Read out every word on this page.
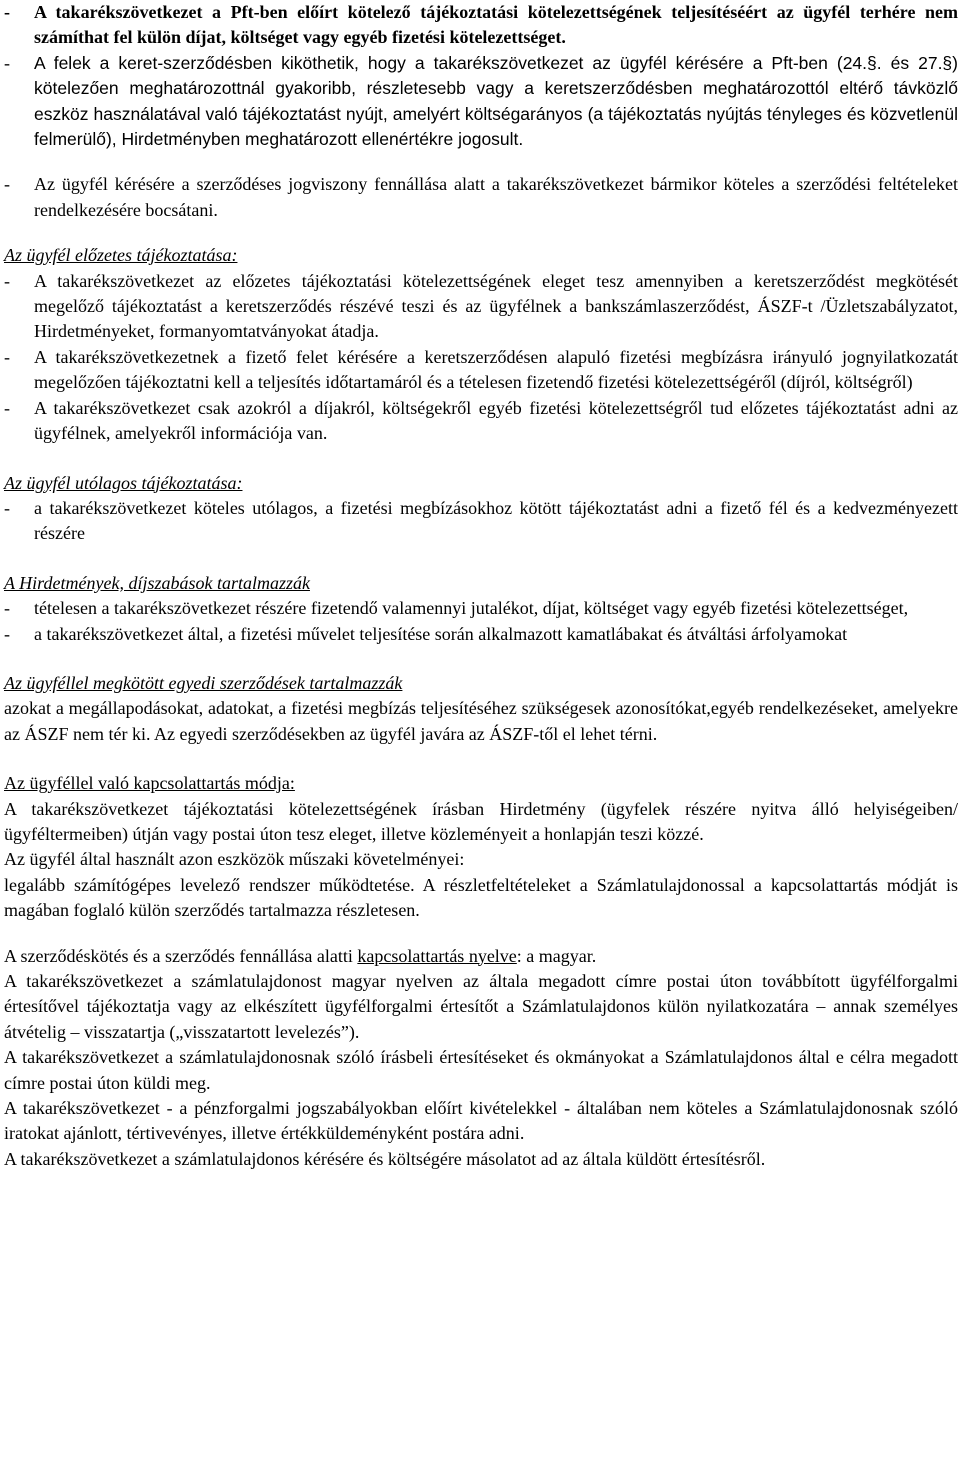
-	A takarékszövetkezet a Pft-ben előírt kötelező tájékoztatási kötelezettségének teljesítéséért az ügyfél terhére nem számíthat fel külön díjat, költséget vagy egyéb fizetési kötelezettséget.
-	A felek a keret-szerződésben kiköthetik, hogy a takarékszövetkezet az ügyfél kérésére a Pft-ben (24.§. és 27.§) kötelezően meghatározottnál gyakoribb, részletesebb vagy a keretszerződésben meghatározottól eltérő távközlő eszköz használatával való tájékoztatást nyújt, amelyért költségarányos (a tájékoztatás nyújtás tényleges és közvetlenül felmerülő), Hirdetményben meghatározott ellenértékre jogosult.
-	Az ügyfél kérésére a szerződéses jogviszony fennállása alatt a takarékszövetkezet bármikor köteles a szerződési feltételeket rendelkezésére bocsátani.
Az ügyfél előzetes tájékoztatása:
-	A takarékszövetkezet az előzetes tájékoztatási kötelezettségének eleget tesz amennyiben a keretszerződést megkötését megelőző tájékoztatást a keretszerződés részévé teszi és az ügyfélnek a bankszámlaszerződést, ÁSZF-t /Üzletszabályzatot, Hirdetményeket, formanyomtatványokat átadja.
-	A takarékszövetkezetnek a fizető felet kérésére a keretszerződésen alapuló fizetési megbízásra irányuló jognyilatkozatát megelőzően tájékoztatni kell a teljesítés időtartamáról és a tételesen fizetendő fizetési kötelezettségéről (díjról, költségről)
-	A takarékszövetkezet csak azokról a díjakról, költségekről egyéb fizetési kötelezettségről tud előzetes tájékoztatást adni az ügyfélnek, amelyekről információja van.
Az ügyfél utólagos tájékoztatása:
-	a takarékszövetkezet köteles utólagos, a fizetési megbízásokhoz kötött tájékoztatást adni a fizető fél és a kedvezményezett részére
A Hirdetmények, díjszabások tartalmazzák
-	tételesen a takarékszövetkezet részére fizetendő valamennyi jutalékot, díjat, költséget vagy egyéb fizetési kötelezettséget,
-	a takarékszövetkezet által, a fizetési művelet teljesítése során alkalmazott kamatlábakat és átváltási árfolyamokat
Az ügyféllel megkötött egyedi szerződések tartalmazzák
azokat a megállapodásokat, adatokat, a fizetési megbízás teljesítéséhez szükségesek azonosítókat,egyéb rendelkezéseket, amelyekre az ÁSZF nem tér ki. Az egyedi szerződésekben az ügyfél javára az ÁSZF-től el lehet térni.
Az ügyféllel való kapcsolattartás módja:
A takarékszövetkezet tájékoztatási kötelezettségének írásban Hirdetmény (ügyfelek részére nyitva álló helyiségeiben/ügyféltermeiben) útján vagy postai úton tesz eleget, illetve közleményeit a honlapján teszi közzé.
Az ügyfél által használt azon eszközök műszaki követelményei:
legalább számítógépes levelező rendszer működtetése. A részletfeltételeket a Számlatulajdonossal a kapcsolattartás módját is magában foglaló külön szerződés tartalmazza részletesen.
A szerződéskötés és a szerződés fennállása alatti kapcsolattartás nyelve: a magyar.
A takarékszövetkezet a számlatulajdonost magyar nyelven az általa megadott címre postai úton továbbított ügyfélforgalmi értesítővel tájékoztatja vagy az elkészített ügyfélforgalmi értesítőt a Számlatulajdonos külön nyilatkozatára – annak személyes átvételig – visszatartja („visszatartott levelezés”).
A takarékszövetkezet a számlatulajdonosnak szóló írásbeli értesítéseket és okmányokat a Számlatulajdonos által e célra megadott címre postai úton küldi meg.
A takarékszövetkezet - a pénzforgalmi jogszabályokban előírt kivételekkel - általában nem köteles a Számlatulajdonosnak szóló iratokat ajánlott, tértivevényes, illetve értékküldeményként postára adni.
A takarékszövetkezet a számlatulajdonos kérésére és költségére másolatot ad az általa küldött értesítésről.
